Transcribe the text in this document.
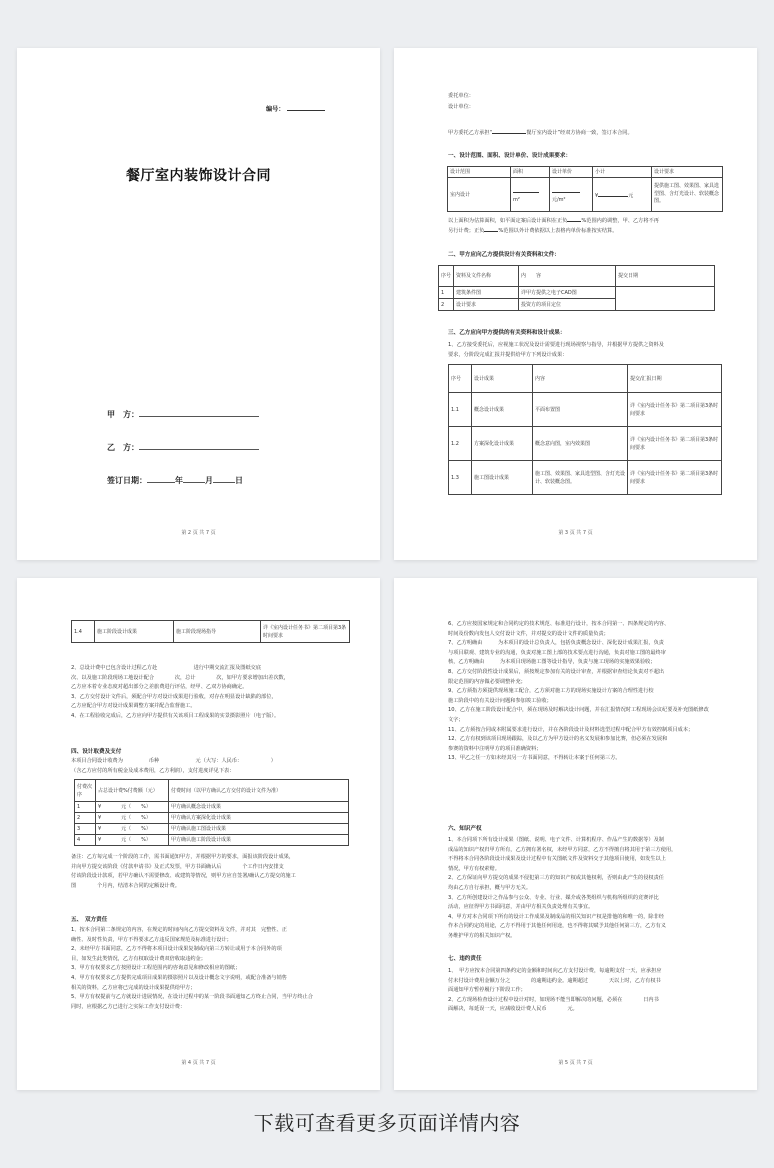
编号：
餐厅室内装饰设计合同
甲　方：
乙　方：
签订日期：	年	月	日
第 2 页 共 7 页
委托单位：
设计单位：
甲方委托乙方承担“	餐厅室内设计”经双方协商一致，签订本合同。
一、设计范围、面积、设计单价、设计成果要求：
设计范围	面积	设计单价	小计	设计要求
室内设计	m²	元/m²	¥ 元	提供施工图、效果图、家具选型图、含灯光设计、软装概念图。
以上面积为估算面积，如平面定案后设计面积在正负	%范围内的调整，甲、乙方将不再
另行计费；正负	%范围以外计费依据以上表格内单价标准按实结算。
二、甲方应向乙方提供设计有关资料和文件：
序号	资料及文件名称	内　　容	提交日期
1	建筑条件图	详甲方提供之电子CAD图	
2	设计要求	投资方的项目定位	
三、乙方应向甲方提供的有关资料和设计成果：
1、乙方接受委托后，应视施工状况及设计需要进行现场视察与指导，并根据甲方提供之资料及
要求，分阶段完成汇报并提供给甲方下列设计成果：
序号	设计成果	内容	提交/汇报日期
1.1	概念设计成果	平面布置图	详《室内设计任务书》第二项目第3条时间要求
1.2	方案深化设计成果	概念意向图，室内效果图	详《室内设计任务书》第二项目第3条时间要求
1.3	施工图设计成果	施工图、效果图、家具选型图、含灯光设计、软装概念图。	详《室内设计任务书》第二项目第3条时间要求
第 3 页 共 7 页
1.4	施工阶段设计成果	施工阶段现场指导	详《室内设计任务书》第二项目第3条时间要求

2、总设计费中已包含设计过程乙方赴　　　　　　　进行中期交流汇报及图纸交底　　　　

次、以及施工阶段现场工地设计配合　　　　次，总计　　　　次，如甲方要求增加出差次数，

乙方应本着专业态度对超出部分之差旅费进行评估，经甲、乙双方协商确定。

3、乙方交付设计文件后，须配合甲方对设计成果进行验收，对存在明显设计缺陷的部位，

乙方应配合甲方对设计成果调整方案并配合监督施工。

4、在工程验收完成后，乙方应向甲方提供有关该项目工程成果的实景摄影照片（电子版）。

四、设计取费及支付

本项目合同设计收费为　　　　　币种　　　　　　　元（大写：人民币：　　　　　　）

（含乙方应付的所有税金及成本费用，乙方利润），支付进度详见下表：

付费次序	占总设计费%付费额（元）	付费时间（以甲方确认乙方交付的设计文件为准）
1	¥　　　　元（　　%）	甲方确认概念设计成果
2	¥　　　　元（　　%）	甲方确认方案深化设计成果
3	¥　　　　元（　　%）	甲方确认施工图设计成果
4	¥　　　　元（　　%）	甲方确认施工阶段设计成果

备注：乙方每完成一个阶段的工作，需书面通知甲方，并根据甲方的要求，面报该阶段设计成果，

并向甲方提交该阶段《付款申请书》及正式发票，甲方书面确认后　　　　个工作日内安排支

付该阶段设计款项，若甲方确认不需要修改、或建筑等情况，则甲方应自签署/确认乙方提交的施工

图　　　　个月内，结清本合同的定额设计费。

五、　双方责任

1、按本合同第二条规定的内容，在规定的时间内向乙方提交资料及文件，并对其　完整性、正

确性、及时性负责，甲方不得要求乙方违反国家规范及标准进行设计；

2、未经甲方书面同意，乙方不得将本项目设计成果复制或向第三方转让或用于本合同外的项

目，如发生此类情况，乙方有权取设计费双倍收取违约金；

3、甲方有权要求乙方按照设计工程范围内的咨询意见和修改相应的图纸；

4、甲方有权要求乙方提供完成项目成果的摄影照片以及设计概念文字说明，或配合准备与销售

相关的资料，乙方应将已完成的设计成果提供给甲方；

5、甲方有权提前与乙方就设计进展情况，在设计过程中的某一阶段书面通知乙方终止合同，当甲方终止合

同时，应根据乙方已进行之实际工作支付设计费：

第 4 页 共 7 页

6、乙方应按国家规定和合同约定的技术规范、标准进行设计，按本合同第一、四条规定的内容、

时间及份数向发包人交付设计文件，并对提交的设计文件的质量负责；

7、乙方明确由　　　为本项目的设计总负责人，包括负责概念设计、深化设计成果汇报，负责

与项目联观、建筑专业的沟通，负责对施工图上部的技术要点进行沟通，负责对施工图的最终审

核，乙方明确由　　　为本项目现场施工图等设计指导，负责与施工现场的实施效果验收；

8、乙方交付阶段性设计成果后，须按规定参加有关的设计审查，并根据审查结论负责对不超出

限定范围的内容做必要调整补充；

9、乙方须指方须提供现场施工配合，乙方须对施工方的现场实施设计方案的合理性进行校

施工阶段中的有关设计问题和参加竣工验收；

10、乙方在施工阶段设计配合中，须在现场及时解决设计问题，并在汇报情况时工程现场会议纪要及补充图纸修改文字；

11、乙方须按合同或本附属要求进行设计，并在各阶段设计及材料选型过程中配合甲方有效控制项目成本；

12、乙方有权到该项目现场跟踪，及以乙方为甲方设计的名义发展和参加比赛，但必须在发展和

参赛的资料中注明甲方的项目准确资料；

13、甲乙之任一方如未经其另一方书面同意，不得转让本案于任何第三方。

六、知识产权

1、本合同项下所有设计成果（图纸、说明、电子文件、计算机程序、作品产生的数据等）及制

成品的知识产权归甲方所有，乙方拥有署名权，未经甲方同意，乙方不得擅自将其用于第三方使用，

不得将本合同各阶段设计成果及设计过程中有关图纸文件及资料交于其他项目使用，如发生以上

情况，甲方有权索赔。

2、乙方保证向甲方提交的成果不侵犯第三方的知识产权或其他权利，否则由此产生的侵权责任

均由乙方自行承担，概与甲方无关。

3、乙方所创建设计之作品参与公众、专业、行业、媒介或各类组织与机构所组织的竞赛评比

活动，应征得甲方书面同意，并由甲方相关负责处理有关事宜。

4、甲方对本合同项下所有的设计工作成果及制成品的相关知识产权是排他的和唯一的，除非经

作本合同约定的用途，乙方不得用于其他任何用途，也不得将其赋予其他任何第三方，乙方有义

务维护甲方的相关知识产权。

七、违约责任

1、　甲方应按本合同第四条约定的金额和时间向乙方支付设计费，每逾期支付一天，应承担应

付未付设计费用金额万分之　　　　的逾期违约金。逾期超过　　　　天以上时，乙方有权书

面通知甲方暂停履行下阶段工作；

2、乙方现场检查设计过程中设计对时，如现场不能当即解决的问题，必须在　　　　日内书

面解决，每延误一天，应减收设计费人民币　　　　元。

第 5 页 共 7 页
下载可查看更多页面详情内容
